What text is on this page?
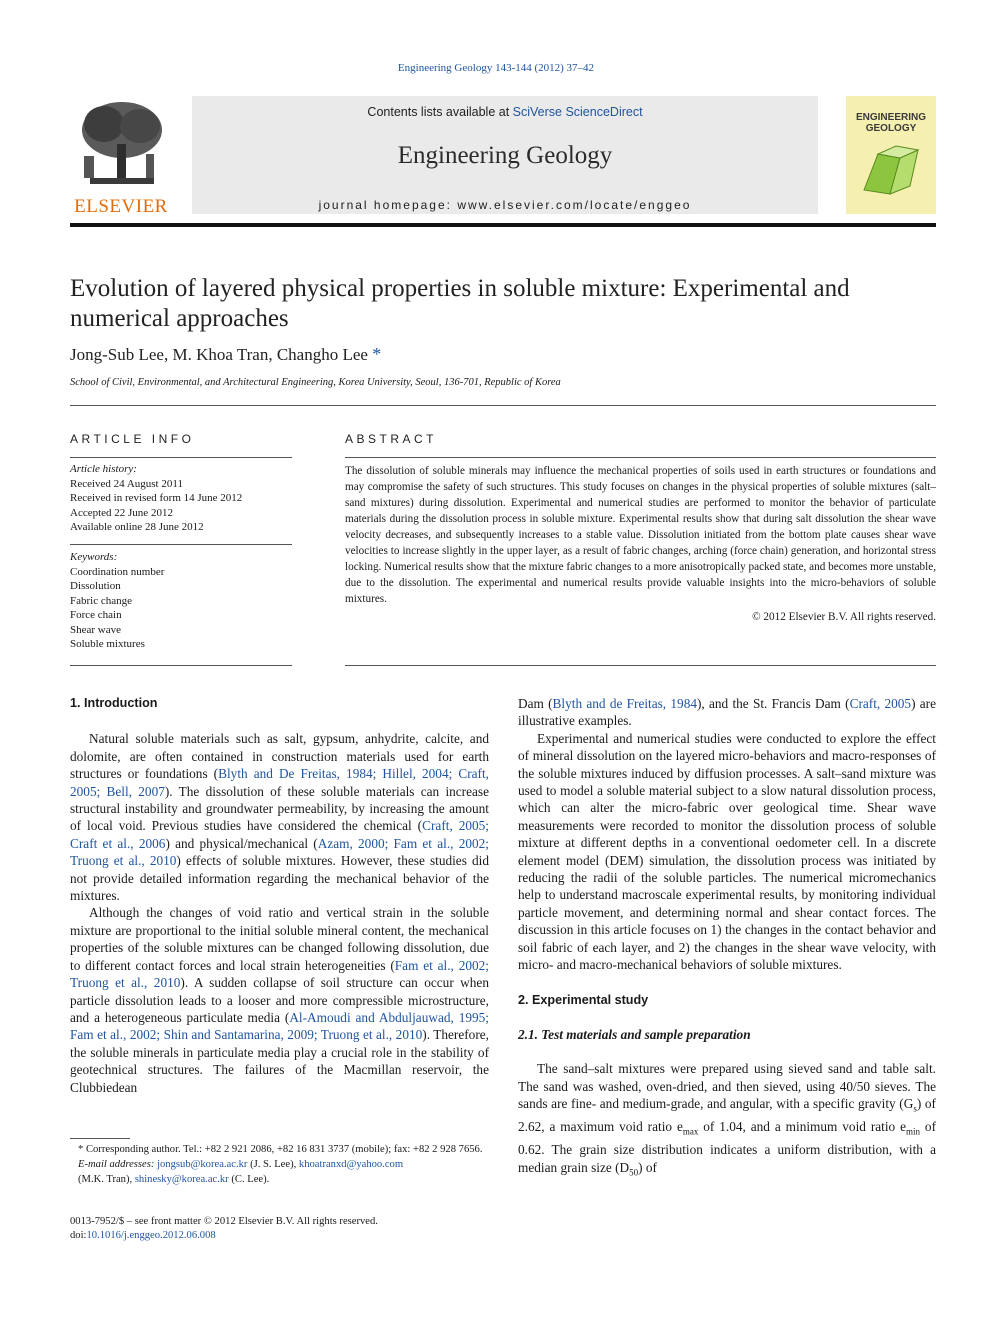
Engineering Geology 143-144 (2012) 37–42
ELSEVIER
Contents lists available at SciVerse ScienceDirect
Engineering Geology
journal homepage: www.elsevier.com/locate/enggeo
ENGINEERING
GEOLOGY
Evolution of layered physical properties in soluble mixture: Experimental and
numerical approaches
Jong-Sub Lee, M. Khoa Tran, Changho Lee *
School of Civil, Environmental, and Architectural Engineering, Korea University, Seoul, 136-701, Republic of Korea
ARTICLE INFO	ABSTRACT
Article history:
Received 24 August 2011
Received in revised form 14 June 2012
Accepted 22 June 2012
Available online 28 June 2012
Keywords:
Coordination number
Dissolution
Fabric change
Force chain
Shear wave
Soluble mixtures
The dissolution of soluble minerals may influence the mechanical properties of soils used in earth structures or foundations and may compromise the safety of such structures. This study focuses on changes in the physical properties of soluble mixtures (salt–sand mixtures) during dissolution. Experimental and numerical studies are performed to monitor the behavior of particulate materials during the dissolution process in soluble mixture. Experimental results show that during salt dissolution the shear wave velocity decreases, and subsequently increases to a stable value. Dissolution initiated from the bottom plate causes shear wave velocities to increase slightly in the upper layer, as a result of fabric changes, arching (force chain) generation, and horizontal stress locking. Numerical results show that the mixture fabric changes to a more anisotropically packed state, and becomes more unstable, due to the dissolution. The experimental and numerical results provide valuable insights into the micro-behaviors of soluble mixtures.
© 2012 Elsevier B.V. All rights reserved.
1. Introduction

Natural soluble materials such as salt, gypsum, anhydrite, calcite, and dolomite, are often contained in construction materials used for earth structures or foundations (Blyth and De Freitas, 1984; Hillel, 2004; Craft, 2005; Bell, 2007). The dissolution of these soluble materials can increase structural instability and groundwater permeability, by increasing the amount of local void. Previous studies have considered the chemical (Craft, 2005; Craft et al., 2006) and physical/mechanical (Azam, 2000; Fam et al., 2002; Truong et al., 2010) effects of soluble mixtures. However, these studies did not provide detailed information regarding the mechanical behavior of the mixtures.

Although the changes of void ratio and vertical strain in the soluble mixture are proportional to the initial soluble mineral content, the mechanical properties of the soluble mixtures can be changed following dissolution, due to different contact forces and local strain heterogeneities (Fam et al., 2002; Truong et al., 2010). A sudden collapse of soil structure can occur when particle dissolution leads to a looser and more compressible microstructure, and a heterogeneous particulate media (Al-Amoudi and Abduljauwad, 1995; Fam et al., 2002; Shin and Santamarina, 2009; Truong et al., 2010). Therefore, the soluble minerals in particulate media play a crucial role in the stability of geotechnical structures. The failures of the Macmillan reservoir, the Clubbiedean

Dam (Blyth and de Freitas, 1984), and the St. Francis Dam (Craft, 2005) are illustrative examples.

Experimental and numerical studies were conducted to explore the effect of mineral dissolution on the layered micro-behaviors and macro-responses of the soluble mixtures induced by diffusion processes. A salt–sand mixture was used to model a soluble material subject to a slow natural dissolution process, which can alter the micro-fabric over geological time. Shear wave measurements were recorded to monitor the dissolution process of soluble mixture at different depths in a conventional oedometer cell. In a discrete element model (DEM) simulation, the dissolution process was initiated by reducing the radii of the soluble particles. The numerical micromechanics help to understand macroscale experimental results, by monitoring individual particle movement, and determining normal and shear contact forces. The discussion in this article focuses on 1) the changes in the contact behavior and soil fabric of each layer, and 2) the changes in the shear wave velocity, with micro- and macro-mechanical behaviors of soluble mixtures.

2. Experimental study
2.1. Test materials and sample preparation

The sand–salt mixtures were prepared using sieved sand and table salt. The sand was washed, oven-dried, and then sieved, using 40/50 sieves. The sands are fine- and medium-grade, and angular, with a specific gravity $(G_s)$ of 2.62, a maximum void ratio $e_{max}$ of 1.04, and a minimum void ratio $e_{min}$ of 0.62. The grain size distribution indicates a uniform distribution, with a median grain size $(D_{50})$ of

* Corresponding author. Tel.: +82 2 921 2086, +82 16 831 3737 (mobile); fax: +82 2 928 7656.
E-mail addresses: jongsub@korea.ac.kr (J. S. Lee), khoatranxd@yahoo.com
(M.K. Tran), shinesky@korea.ac.kr (C. Lee).
0013-7952/$ – see front matter © 2012 Elsevier B.V. All rights reserved.
doi:10.1016/j.enggeo.2012.06.008
